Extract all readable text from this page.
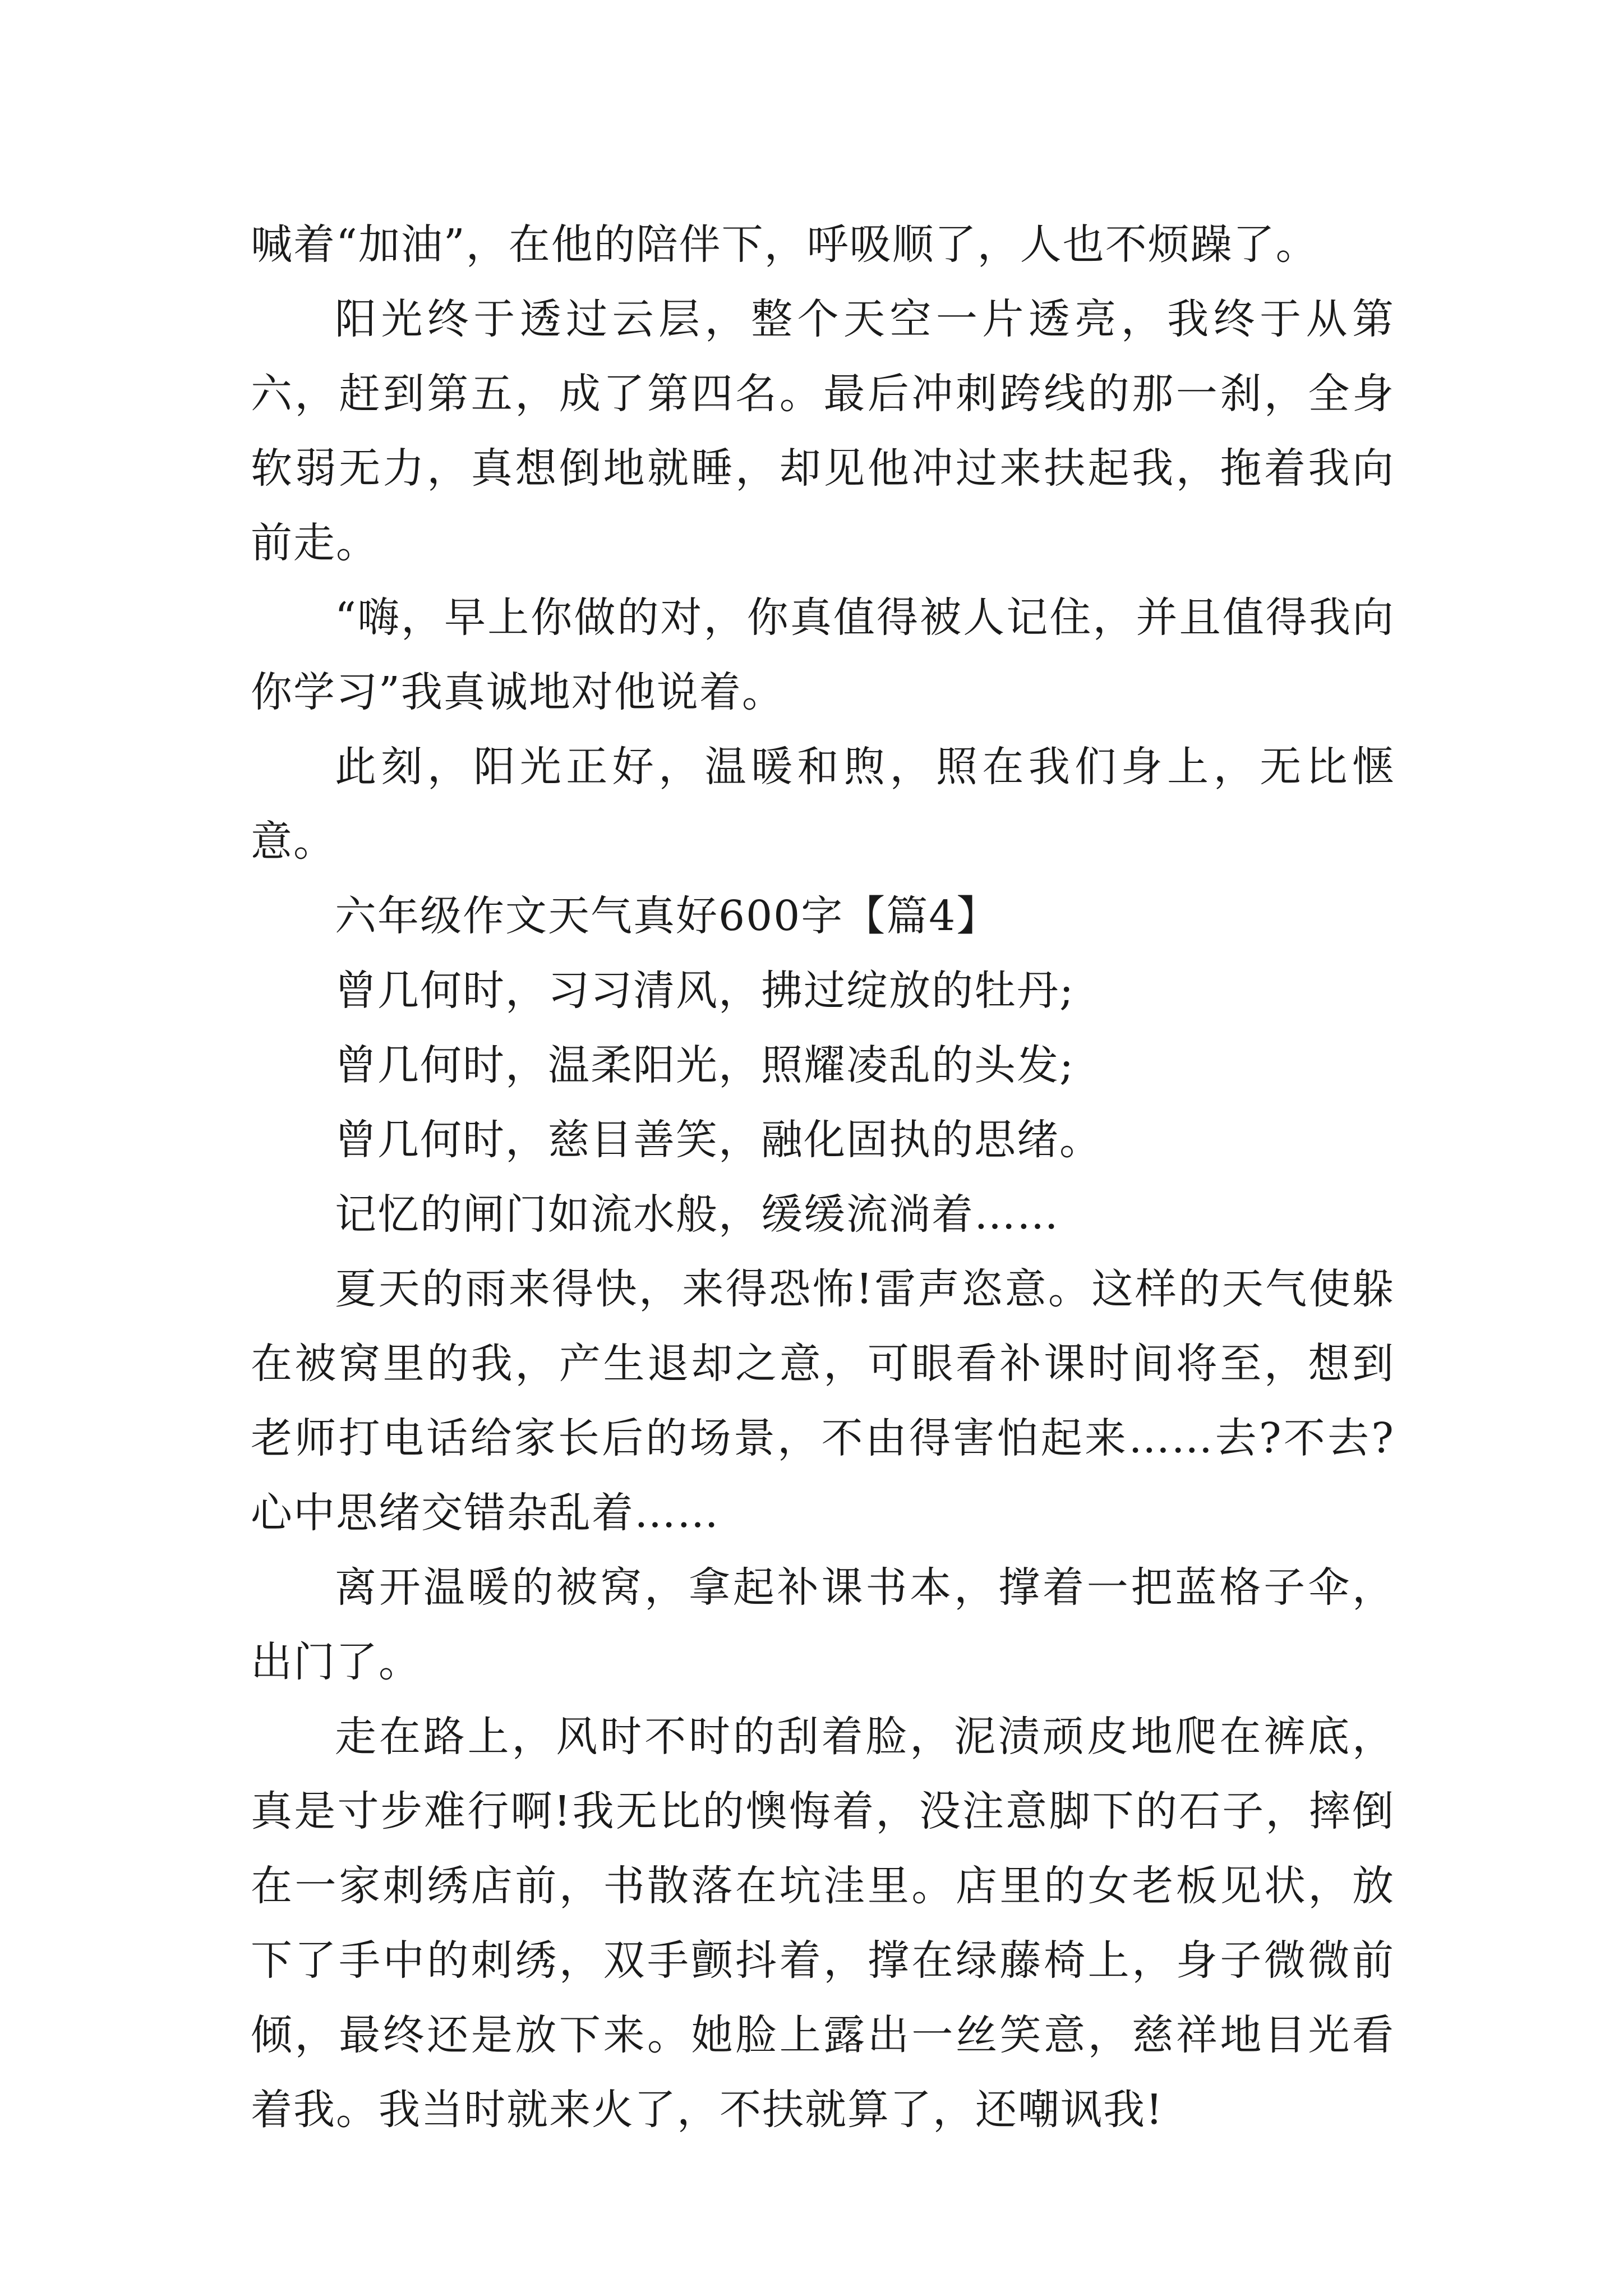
喊着“加油”，在他的陪伴下，呼吸顺了，人也不烦躁了。

阳光终于透过云层，整个天空一片透亮，我终于从第六，赶到第五，成了第四名。最后冲刺跨线的那一刹，全身软弱无力，真想倒地就睡，却见他冲过来扶起我，拖着我向前走。

“嗨，早上你做的对，你真值得被人记住，并且值得我向你学习”我真诚地对他说着。

此刻，阳光正好，温暖和煦，照在我们身上，无比惬意。

六年级作文天气真好600字【篇4】

曾几何时，习习清风，拂过绽放的牡丹;

曾几何时，温柔阳光，照耀凌乱的头发;

曾几何时，慈目善笑，融化固执的思绪。

记忆的闸门如流水般，缓缓流淌着……

夏天的雨来得快，来得恐怖!雷声恣意。这样的天气使躲在被窝里的我，产生退却之意，可眼看补课时间将至，想到老师打电话给家长后的场景，不由得害怕起来……去?不去?心中思绪交错杂乱着……

离开温暖的被窝，拿起补课书本，撑着一把蓝格子伞，出门了。

走在路上，风时不时的刮着脸，泥渍顽皮地爬在裤底，真是寸步难行啊!我无比的懊悔着，没注意脚下的石子，摔倒在一家刺绣店前，书散落在坑洼里。店里的女老板见状，放下了手中的刺绣，双手颤抖着，撑在绿藤椅上，身子微微前倾，最终还是放下来。她脸上露出一丝笑意，慈祥地目光看着我。我当时就来火了，不扶就算了，还嘲讽我!
